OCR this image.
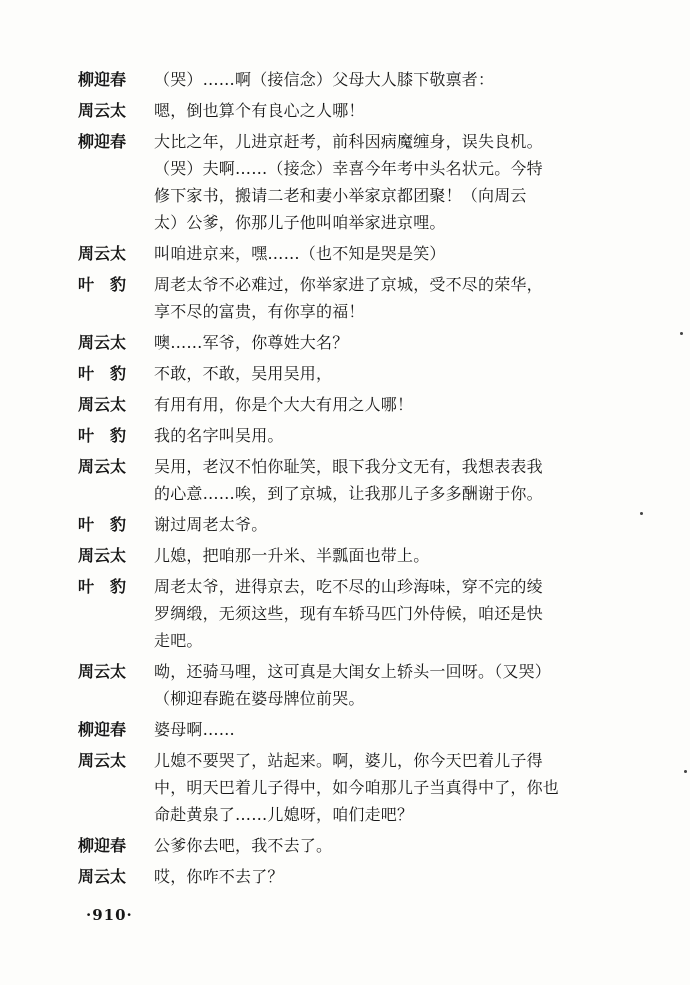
柳迎春	（哭）……啊（接信念）父母大人膝下敬禀者：
周云太	嗯，倒也算个有良心之人哪！
柳迎春	大比之年，儿进京赶考，前科因病魔缠身，误失良机。
（哭）夫啊……（接念）幸喜今年考中头名状元。今特
修下家书，搬请二老和妻小举家京都团聚！（向周云
太）公爹，你那儿子他叫咱举家进京哩。
周云太	叫咱进京来，嘿……（也不知是哭是笑）
叶　豹	周老太爷不必难过，你举家进了京城，受不尽的荣华，
享不尽的富贵，有你享的福！
周云太	噢……军爷，你尊姓大名？
叶　豹	不敢，不敢，吴用吴用，
周云太	有用有用，你是个大大有用之人哪！
叶　豹	我的名字叫吴用。
周云太	吴用，老汉不怕你耻笑，眼下我分文无有，我想表表我
的心意……唉，到了京城，让我那儿子多多酬谢于你。
叶　豹	谢过周老太爷。
周云太	儿媳，把咱那一升米、半瓢面也带上。
叶　豹	周老太爷，进得京去，吃不尽的山珍海味，穿不完的绫
罗绸缎，无须这些，现有车轿马匹门外侍候，咱还是快
走吧。
周云太	呦，还骑马哩，这可真是大闺女上轿头一回呀。（又哭）
（柳迎春跪在婆母牌位前哭。
柳迎春	婆母啊……
周云太	儿媳不要哭了，站起来。啊，婆儿，你今天巴着儿子得
中，明天巴着儿子得中，如今咱那儿子当真得中了，你也
命赴黄泉了……儿媳呀，咱们走吧？
柳迎春	公爹你去吧，我不去了。
周云太	哎，你咋不去了？
·910·
